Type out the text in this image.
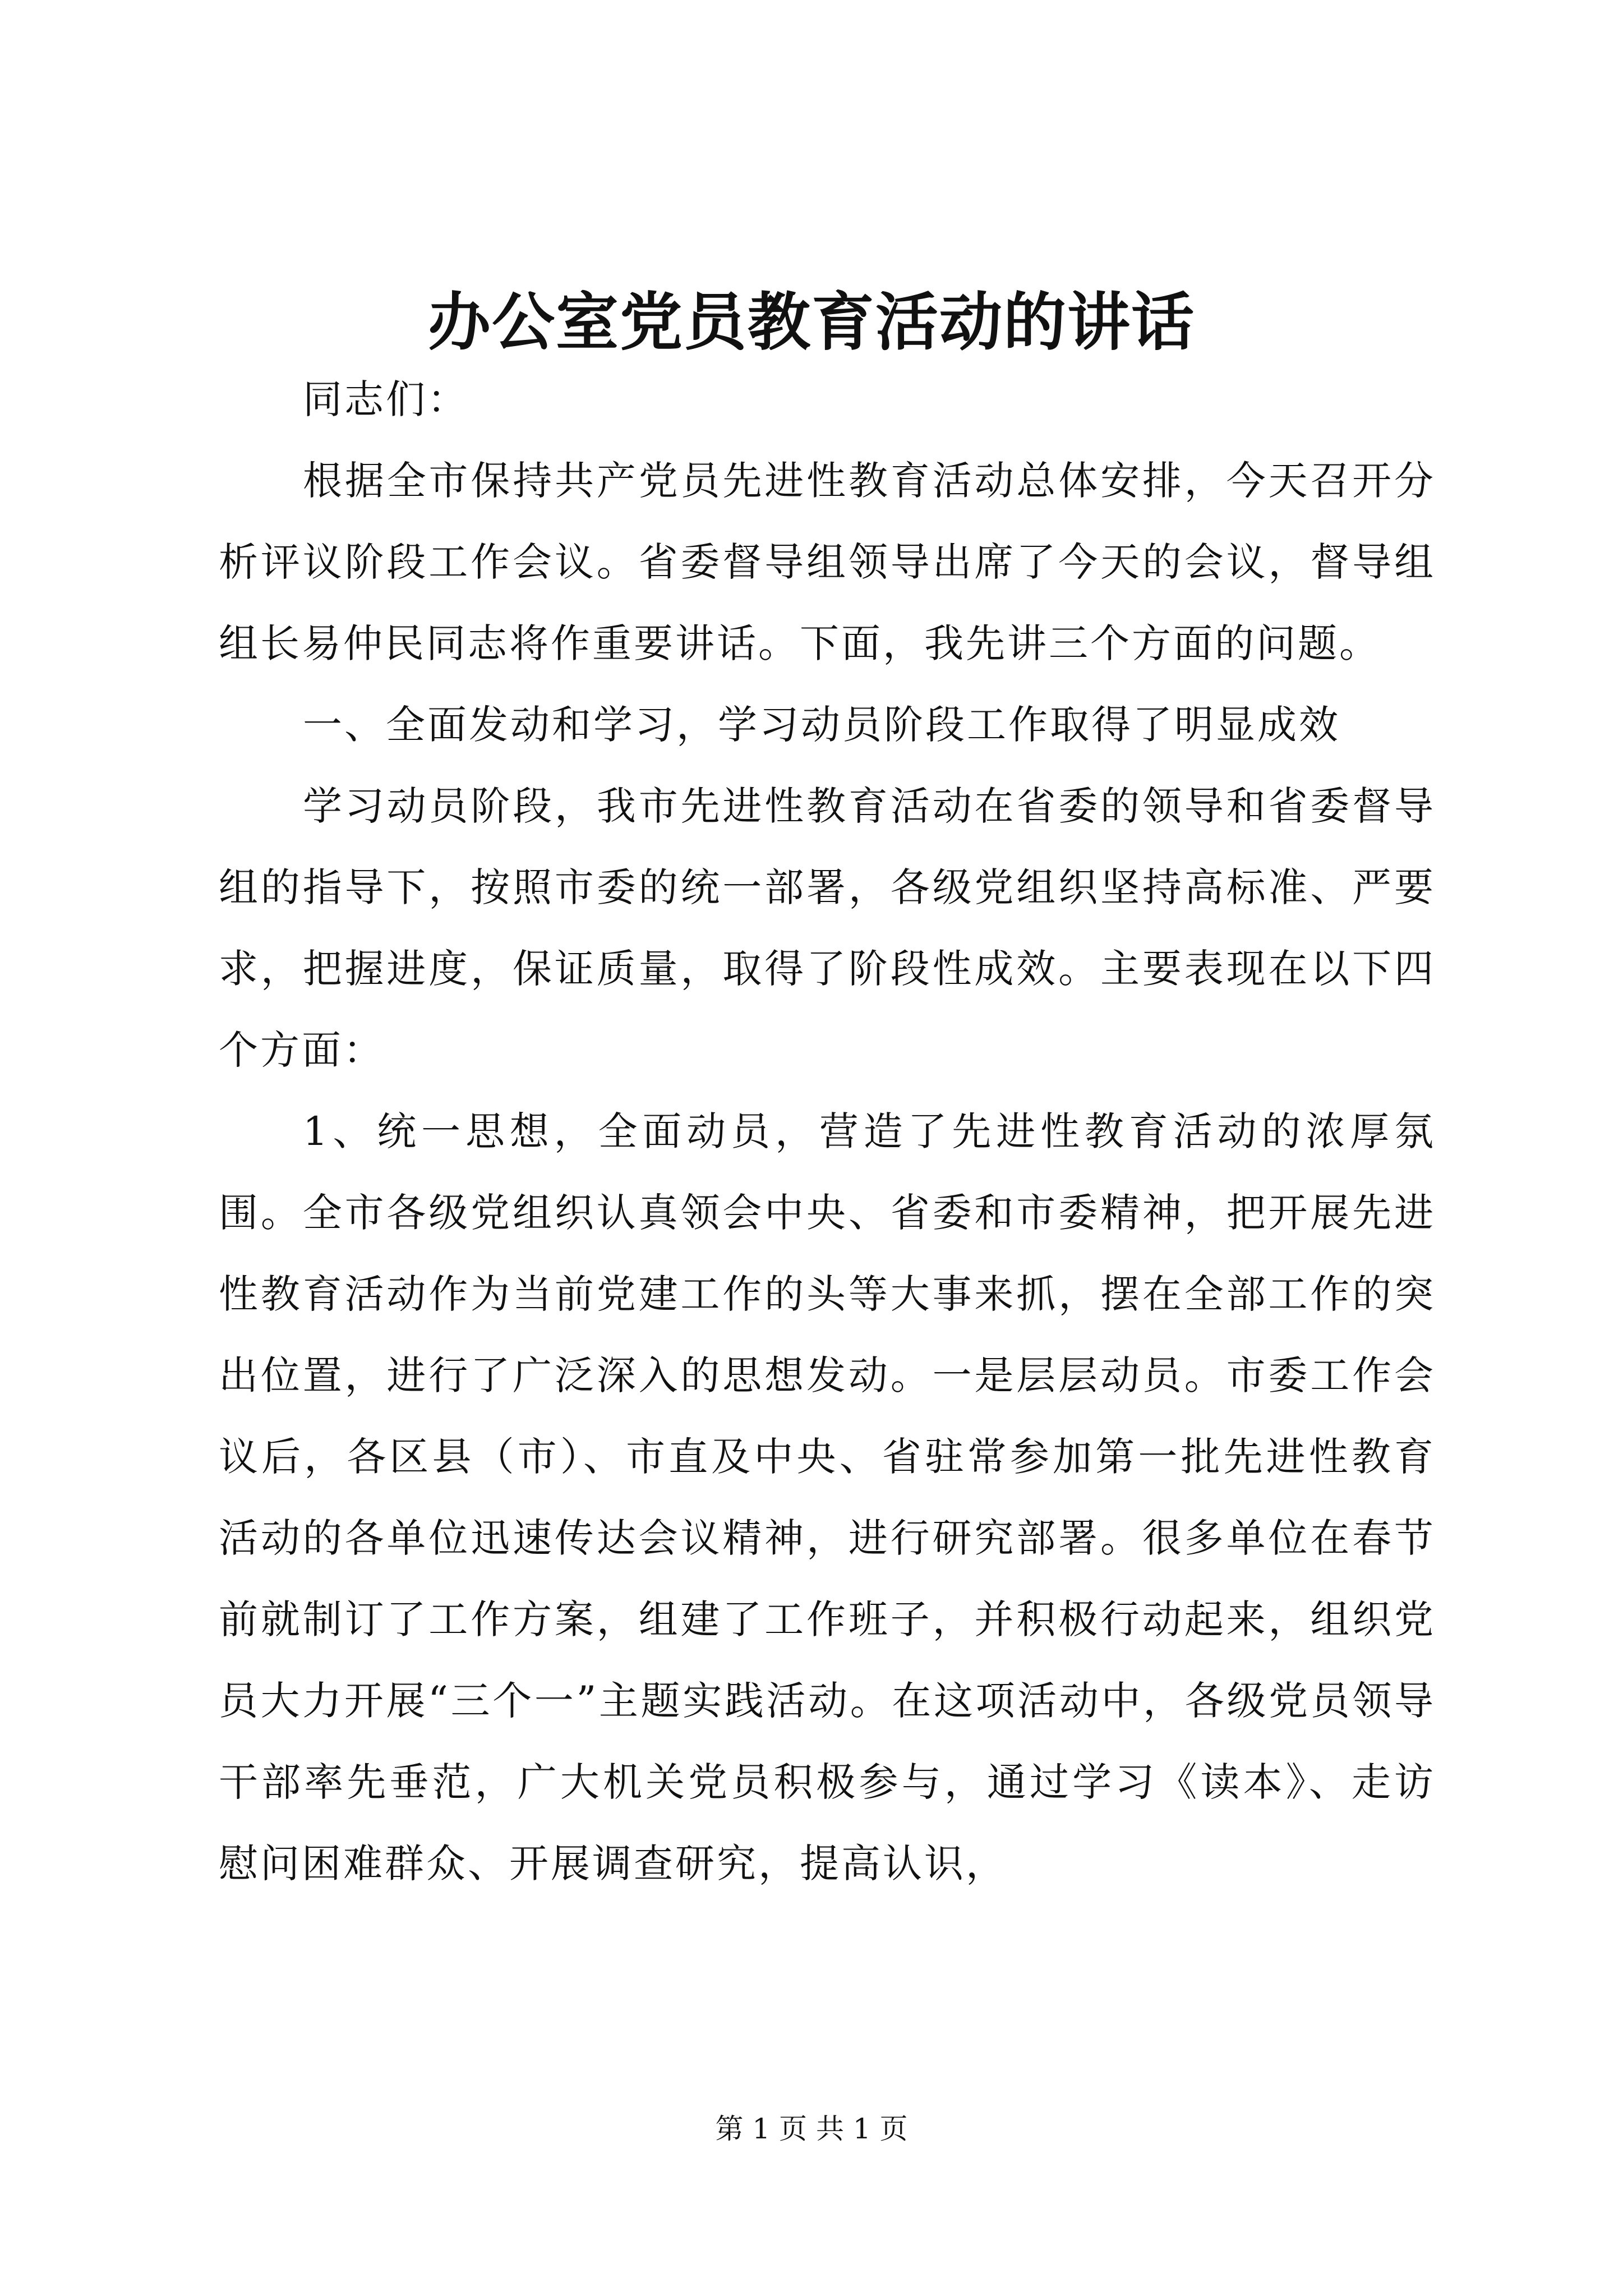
办公室党员教育活动的讲话

同志们：

根据全市保持共产党员先进性教育活动总体安排，今天召开分析评议阶段工作会议。省委督导组领导出席了今天的会议，督导组组长易仲民同志将作重要讲话。下面，我先讲三个方面的问题。

一、全面发动和学习，学习动员阶段工作取得了明显成效

学习动员阶段，我市先进性教育活动在省委的领导和省委督导组的指导下，按照市委的统一部署，各级党组织坚持高标准、严要求，把握进度，保证质量，取得了阶段性成效。主要表现在以下四个方面：

1、统一思想，全面动员，营造了先进性教育活动的浓厚氛围。全市各级党组织认真领会中央、省委和市委精神，把开展先进性教育活动作为当前党建工作的头等大事来抓，摆在全部工作的突出位置，进行了广泛深入的思想发动。一是层层动员。市委工作会议后，各区县（市）、市直及中央、省驻常参加第一批先进性教育活动的各单位迅速传达会议精神，进行研究部署。很多单位在春节前就制订了工作方案，组建了工作班子，并积极行动起来，组织党员大力开展“三个一”主题实践活动。在这项活动中，各级党员领导干部率先垂范，广大机关党员积极参与，通过学习《读本》、走访慰问困难群众、开展调查研究，提高认识，

第 1 页 共 1 页
